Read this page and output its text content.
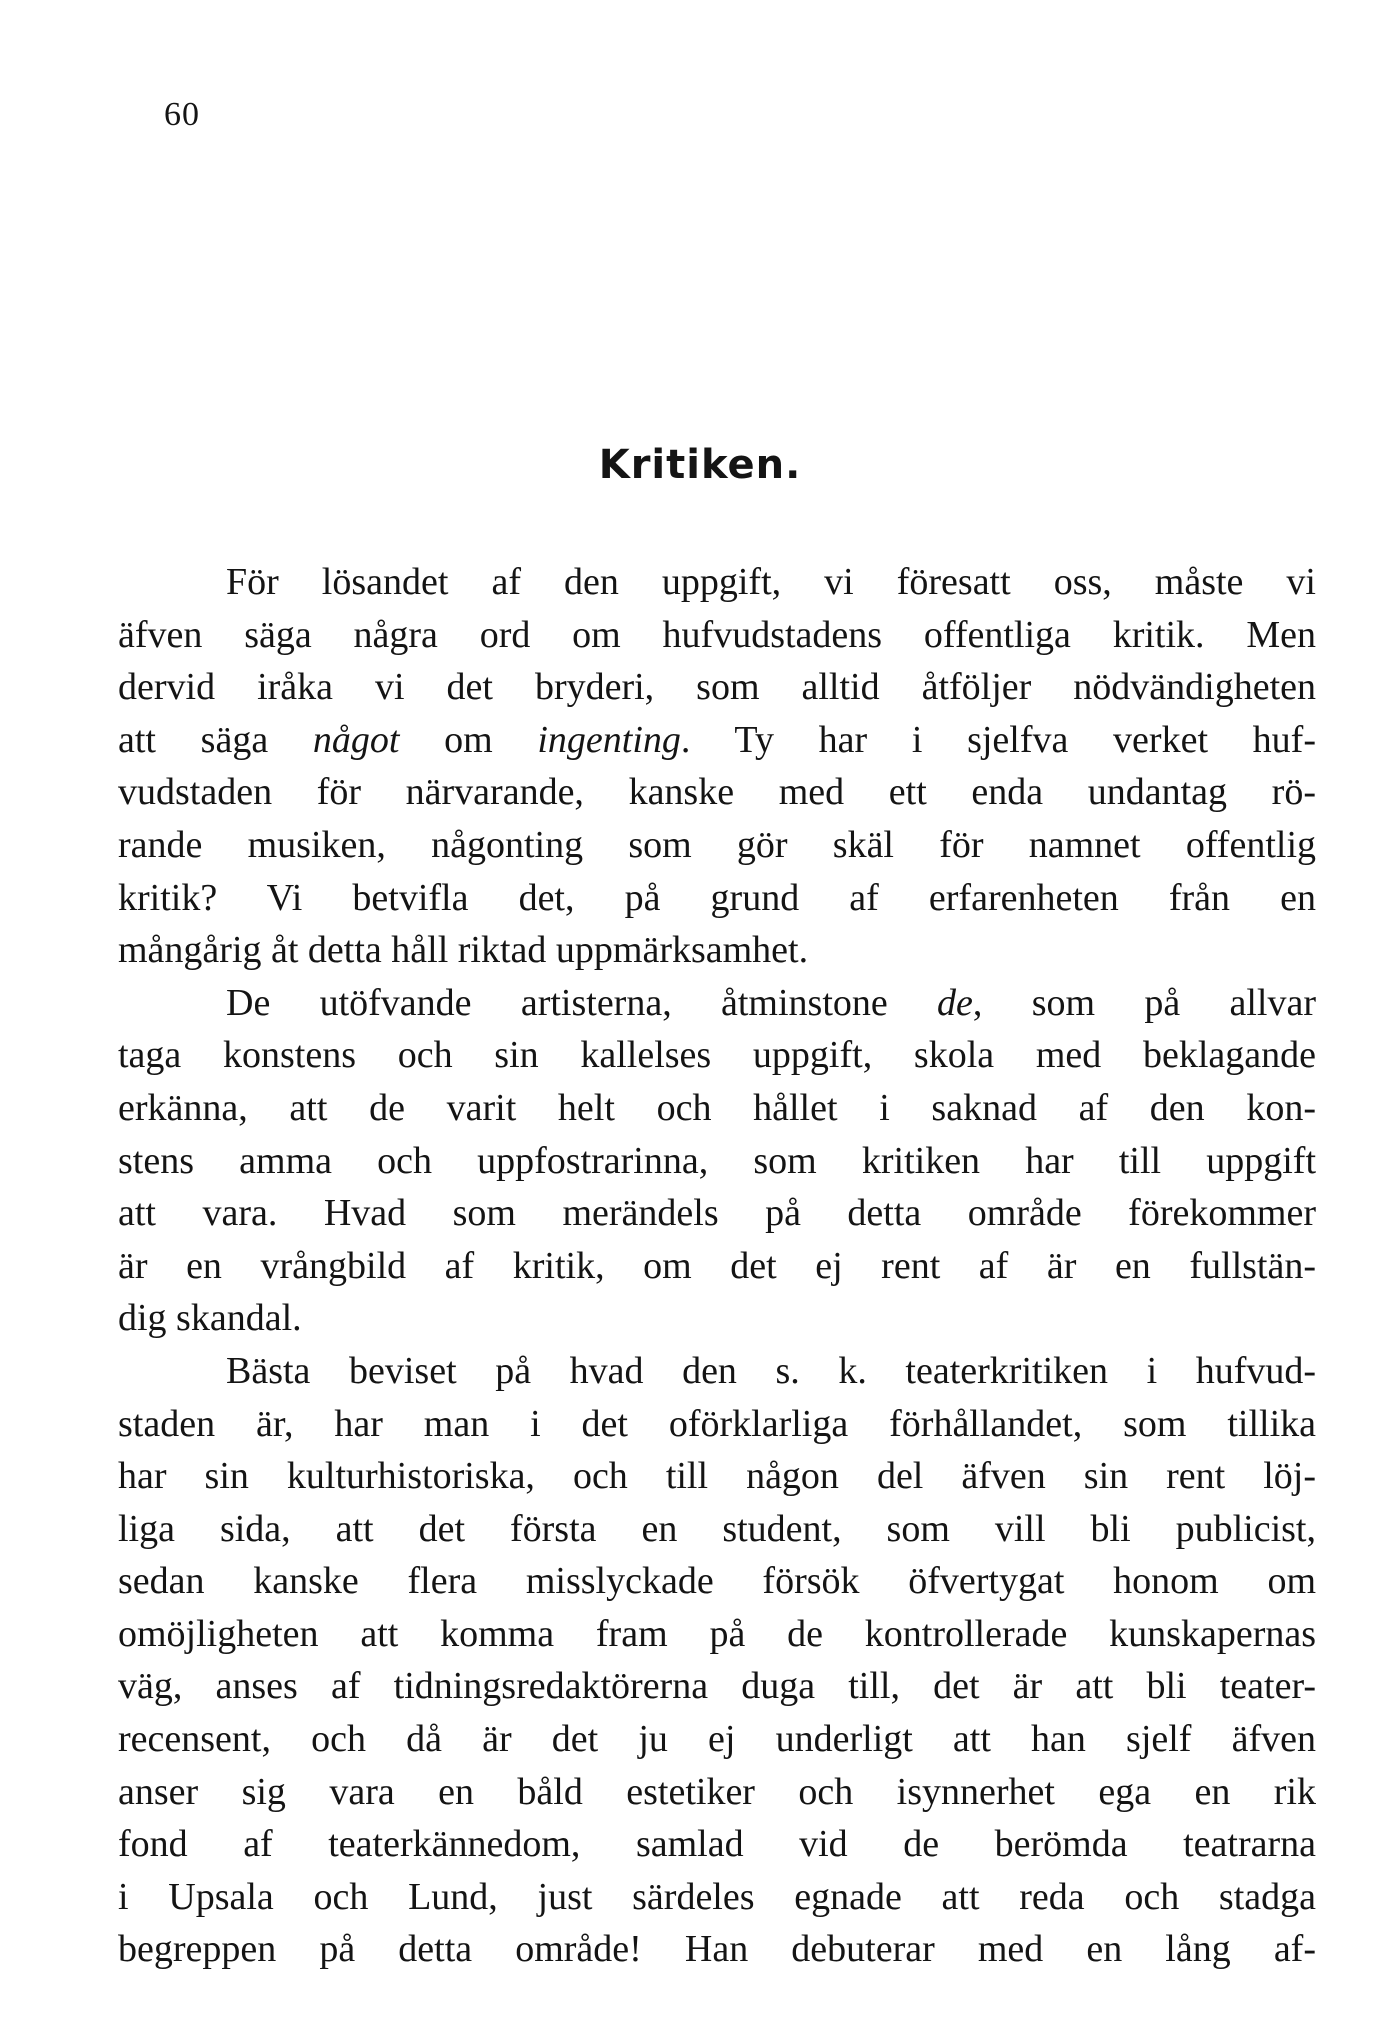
60
Kritiken.
För lösandet af den uppgift, vi föresatt oss, måste vi
äfven säga några ord om hufvudstadens offentliga kritik. Men
dervid iråka vi det bryderi, som alltid åtföljer nödvändigheten
att säga något om ingenting. Ty har i sjelfva verket huf-
vudstaden för närvarande, kanske med ett enda undantag rö-
rande musiken, någonting som gör skäl för namnet offentlig
kritik? Vi betvifla det, på grund af erfarenheten från en
mångårig åt detta håll riktad uppmärksamhet.
De utöfvande artisterna, åtminstone de, som på allvar
taga konstens och sin kallelses uppgift, skola med beklagande
erkänna, att de varit helt och hållet i saknad af den kon-
stens amma och uppfostrarinna, som kritiken har till uppgift
att vara. Hvad som merändels på detta område förekommer
är en vrångbild af kritik, om det ej rent af är en fullstän-
dig skandal.
Bästa beviset på hvad den s. k. teaterkritiken i hufvud-
staden är, har man i det oförklarliga förhållandet, som tillika
har sin kulturhistoriska, och till någon del äfven sin rent löj-
liga sida, att det första en student, som vill bli publicist,
sedan kanske flera misslyckade försök öfvertygat honom om
omöjligheten att komma fram på de kontrollerade kunskapernas
väg, anses af tidningsredaktörerna duga till, det är att bli teater-
recensent, och då är det ju ej underligt att han sjelf äfven
anser sig vara en båld estetiker och isynnerhet ega en rik
fond af teaterkännedom, samlad vid de berömda teatrarna
i Upsala och Lund, just särdeles egnade att reda och stadga
begreppen på detta område! Han debuterar med en lång af-
